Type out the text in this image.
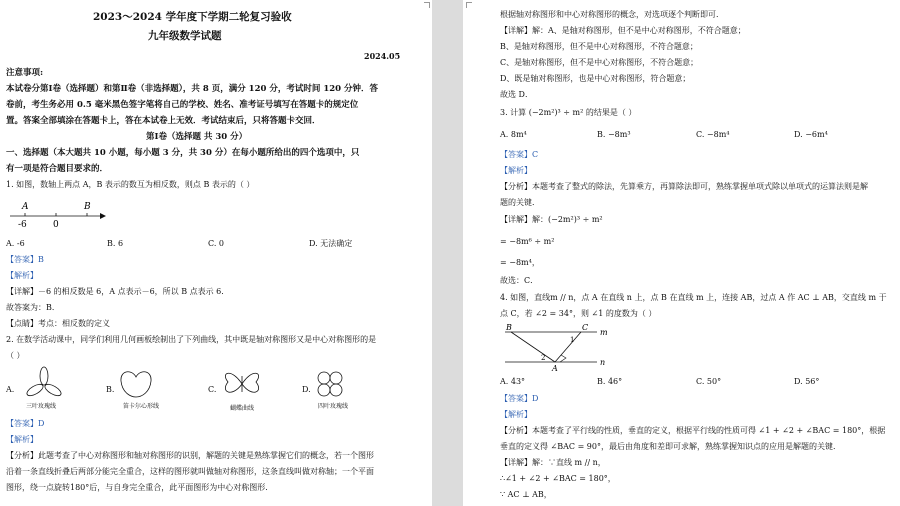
2023～2024 学年度下学期二轮复习验收
九年级数学试题
2024.05
注意事项:
本试卷分第Ⅰ卷（选择题）和第Ⅱ卷（非选择题），共 8 页，满分 120 分，考试时间 120 分钟．答
卷前，考生务必用 0.5 毫米黑色签字笔将自己的学校、姓名、准考证号填写在答题卡的规定位
置。答案全部填涂在答题卡上，答在本试卷上无效．考试结束后，只将答题卡交回．
第Ⅰ卷（选择题 共 30 分）
一、选择题（本大题共 10 小题，每小题 3 分，共 30 分）在每小题所给出的四个选项中，只
有一项是符合题目要求的．
1. 如图，数轴上两点 A，B 表示的数互为相反数，则点 B 表示的（ ）
A	B
-6	0
A. -6	B. 6	C. 0	D. 无法确定
【答案】B
【解析】
【详解】－6 的相反数是 6，A 点表示－6，所以 B 点表示 6．
故答案为：B．
【点睛】考点：相反数的定义
2. 在数学活动课中，同学们利用几何画板绘制出了下列曲线，其中既是轴对称图形又是中心对称图形的是
（ ）
A.
三叶玫瑰线
B.
笛卡尔心形线
C.
蝴蝶曲线
D.
四叶玫瑰线
【答案】D
【解析】
【分析】此题考查了中心对称图形和轴对称图形的识别，解题的关键是熟练掌握它们的概念，若一个图形
沿着一条直线折叠后两部分能完全重合，这样的图形就叫做轴对称图形，这条直线叫做对称轴；一个平面
图形，绕一点旋转180°后，与自身完全重合，此平面图形为中心对称图形．
根据轴对称图形和中心对称图形的概念，对选项逐个判断即可．
【详解】解：A、是轴对称图形，但不是中心对称图形，不符合题意；
B、是轴对称图形，但不是中心对称图形，不符合题意；
C、是轴对称图形，但不是中心对称图形，不符合题意；
D、既是轴对称图形，也是中心对称图形，符合题意；
故选 D．
3. 计算 (−2m²)³ ÷ m² 的结果是（ ）
A. 8m⁴	B. −8m³	C. −8m⁴	D. −6m⁴
【答案】C
【解析】
【分析】本题考查了整式的除法，先算乘方，再算除法即可，熟练掌握单项式除以单项式的运算法则是解
题的关键．
【详解】解：(−2m²)³ ÷ m²
= −8m⁶ ÷ m²
= −8m⁴，
故选：C．
4. 如图，直线m // n，点 A 在直线 n 上，点 B 在直线 m 上，连接 AB，过点 A 作 AC ⊥ AB，交直线 m 于
点 C，若 ∠2 = 34°，则 ∠1 的度数为（ ）
B	C
A
m
n
1
2
A. 43°	B. 46°	C. 50°	D. 56°
【答案】D
【解析】
【分析】本题考查了平行线的性质，垂直的定义，根据平行线的性质可得 ∠1 + ∠2 + ∠BAC = 180°，根据
垂直的定义得 ∠BAC = 90°，最后由角度和差即可求解，熟练掌握知识点的应用是解题的关键．
【详解】解：∵直线 m // n，
∴∠1 + ∠2 + ∠BAC = 180°，
∵ AC ⊥ AB，
